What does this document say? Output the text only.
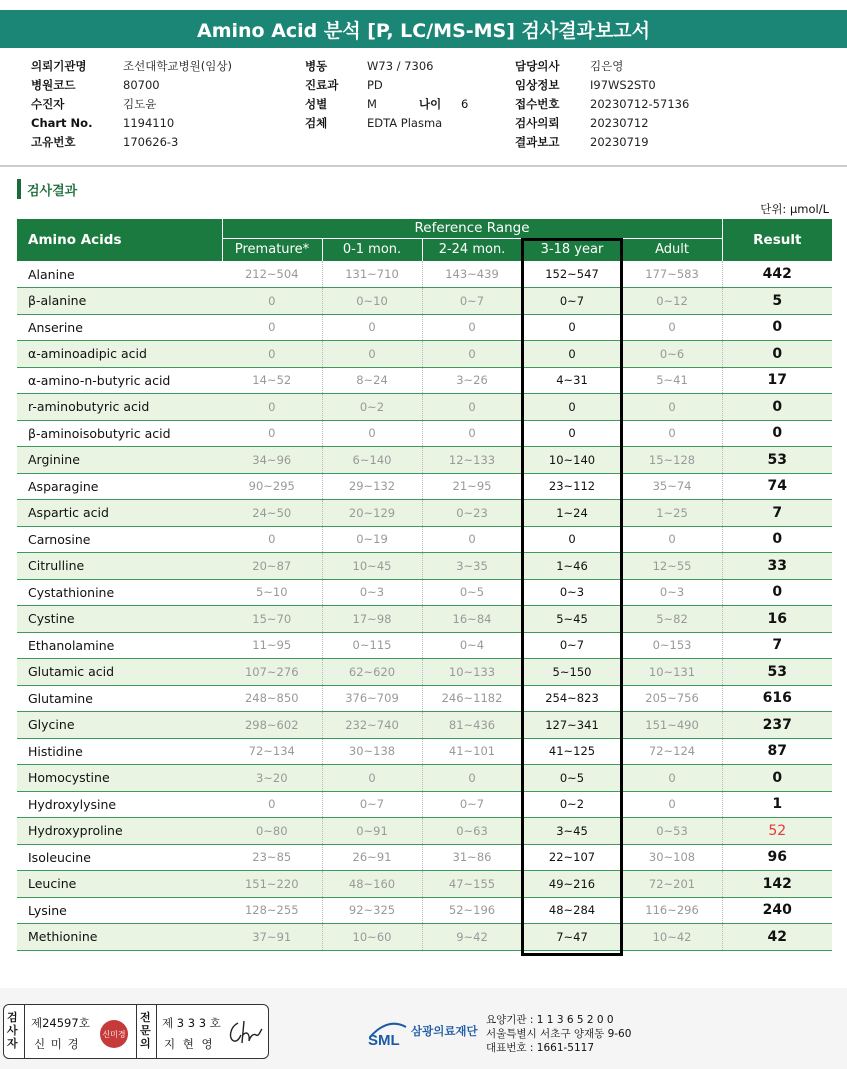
Amino Acid 분석 [P, LC/MS-MS] 검사결과보고서
의뢰기관명	조선대학교병원(임상)
병원코드	80700
수진자	김도윤
Chart No.	1194110
고유번호	170626-3
병동	W73 / 7306
진료과	PD
성별	M
검체	EDTA Plasma
나이	6
담당의사	김은영
임상정보	I97WS2ST0
접수번호	20230712-57136
검사의뢰	20230712
결과보고	20230719
검사결과
단위: μmol/L
Amino Acids	Reference Range					Result
	Premature*	0-1 mon.	2-24 mon.	3-18 year	Adult	
Alanine	212~504	131~710	143~439	152~547	177~583	442
β-alanine	0	0~10	0~7	0~7	0~12	5
Anserine	0	0	0	0	0	0
α-aminoadipic acid	0	0	0	0	0~6	0
α-amino-n-butyric acid	14~52	8~24	3~26	4~31	5~41	17
r-aminobutyric acid	0	0~2	0	0	0	0
β-aminoisobutyric acid	0	0	0	0	0	0
Arginine	34~96	6~140	12~133	10~140	15~128	53
Asparagine	90~295	29~132	21~95	23~112	35~74	74
Aspartic acid	24~50	20~129	0~23	1~24	1~25	7
Carnosine	0	0~19	0	0	0	0
Citrulline	20~87	10~45	3~35	1~46	12~55	33
Cystathionine	5~10	0~3	0~5	0~3	0~3	0
Cystine	15~70	17~98	16~84	5~45	5~82	16
Ethanolamine	11~95	0~115	0~4	0~7	0~153	7
Glutamic acid	107~276	62~620	10~133	5~150	10~131	53
Glutamine	248~850	376~709	246~1182	254~823	205~756	616
Glycine	298~602	232~740	81~436	127~341	151~490	237
Histidine	72~134	30~138	41~101	41~125	72~124	87
Homocystine	3~20	0	0	0~5	0	0
Hydroxylysine	0	0~7	0~7	0~2	0	1
Hydroxyproline	0~80	0~91	0~63	3~45	0~53	52
Isoleucine	23~85	26~91	31~86	22~107	30~108	96
Leucine	151~220	48~160	47~155	49~216	72~201	142
Lysine	128~255	92~325	52~196	48~284	116~296	240
Methionine	37~91	10~60	9~42	7~47	10~42	42
검사자
제24597호
신 미 경
신미경
전문의
제 3 3 3 호
지 현 영	SML
삼광의료재단
요양기관 : 1 1 3 6 5 2 0 0
서울특별시 서초구 양재동 9-60
대표번호 : 1661-5117
